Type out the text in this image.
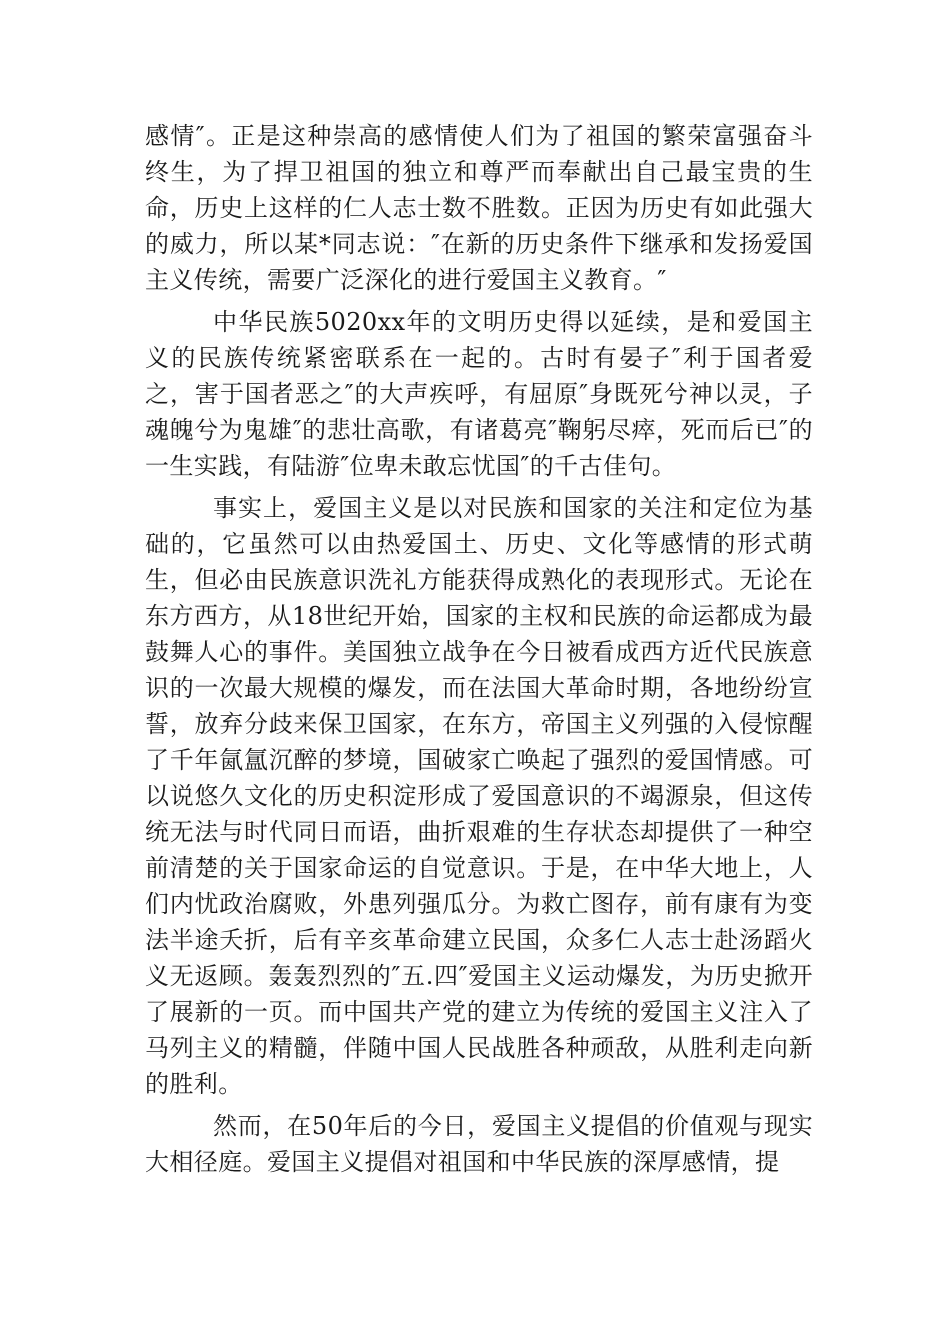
感情″。正是这种崇高的感情使人们为了祖国的繁荣富强奋斗终生，为了捍卫祖国的独立和尊严而奉献出自己最宝贵的生命，历史上这样的仁人志士数不胜数。正因为历史有如此强大的威力，所以某*同志说：″在新的历史条件下继承和发扬爱国主义传统，需要广泛深化的进行爱国主义教育。″

中华民族5020xx年的文明历史得以延续，是和爱国主义的民族传统紧密联系在一起的。古时有晏子″利于国者爱之，害于国者恶之″的大声疾呼，有屈原″身既死兮神以灵，子魂魄兮为鬼雄″的悲壮高歌，有诸葛亮″鞠躬尽瘁，死而后已″的一生实践，有陆游″位卑未敢忘忧国″的千古佳句。

事实上，爱国主义是以对民族和国家的关注和定位为基础的，它虽然可以由热爱国土、历史、文化等感情的形式萌生，但必由民族意识洗礼方能获得成熟化的表现形式。无论在东方西方，从18世纪开始，国家的主权和民族的命运都成为最鼓舞人心的事件。美国独立战争在今日被看成西方近代民族意识的一次最大规模的爆发，而在法国大革命时期，各地纷纷宣誓，放弃分歧来保卫国家，在东方，帝国主义列强的入侵惊醒了千年氤氲沉醉的梦境，国破家亡唤起了强烈的爱国情感。可以说悠久文化的历史积淀形成了爱国意识的不竭源泉，但这传统无法与时代同日而语，曲折艰难的生存状态却提供了一种空前清楚的关于国家命运的自觉意识。于是，在中华大地上，人们内忧政治腐败，外患列强瓜分。为救亡图存，前有康有为变法半途夭折，后有辛亥革命建立民国，众多仁人志士赴汤蹈火义无返顾。轰轰烈烈的″五.四″爱国主义运动爆发，为历史掀开了展新的一页。而中国共产党的建立为传统的爱国主义注入了马列主义的精髓，伴随中国人民战胜各种顽敌，从胜利走向新的胜利。

然而，在50年后的今日，爱国主义提倡的价值观与现实大相径庭。爱国主义提倡对祖国和中华民族的深厚感情，提
